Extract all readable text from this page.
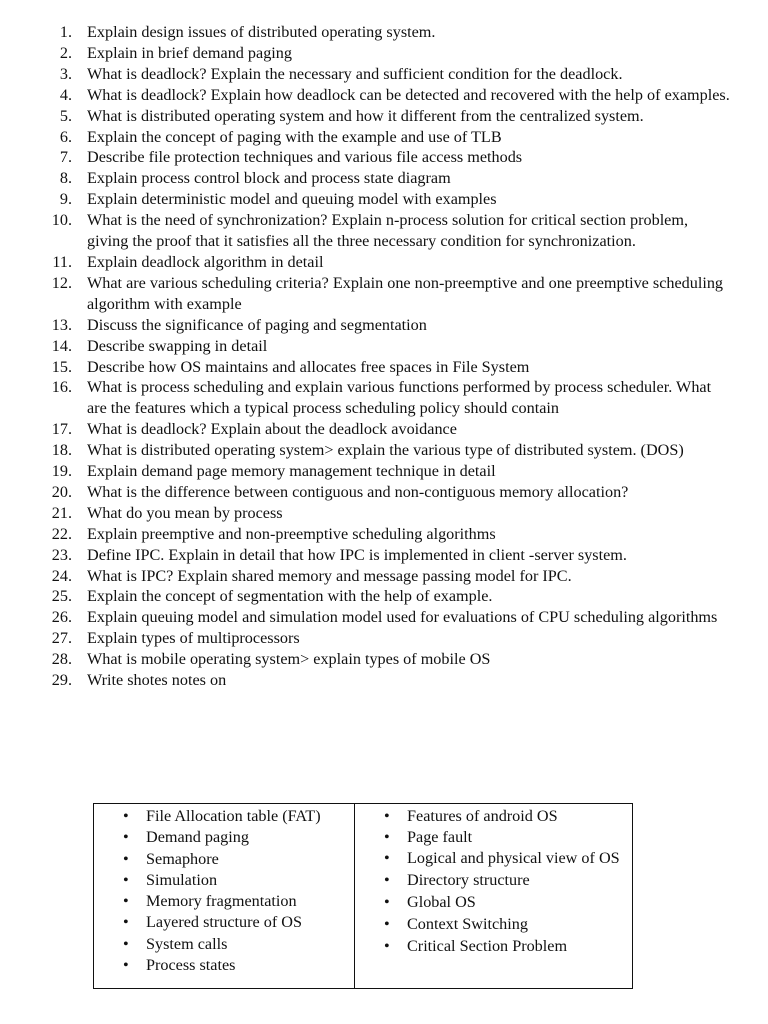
1. Explain design issues of distributed operating system.
2. Explain in brief demand paging
3. What is deadlock? Explain the necessary and sufficient condition for the deadlock.
4. What is deadlock? Explain how deadlock can be detected and recovered with the help of examples.
5. What is distributed operating system and how it different from the centralized system.
6. Explain the concept of paging with the example and use of TLB
7. Describe file protection techniques and various file access methods
8. Explain process control block and process state diagram
9. Explain deterministic model and queuing model with examples
10. What is the need of synchronization? Explain n-process solution for critical section problem, giving the proof that it satisfies all the three necessary condition for synchronization.
11. Explain deadlock algorithm in detail
12. What are various scheduling criteria? Explain one non-preemptive and one preemptive scheduling algorithm with example
13. Discuss the significance of paging and segmentation
14. Describe swapping in detail
15. Describe how OS maintains and allocates free spaces in File System
16. What is process scheduling and explain various functions performed by process scheduler. What are the features which a typical process scheduling policy should contain
17. What is deadlock? Explain about the deadlock avoidance
18. What is distributed operating system> explain the various type of distributed system. (DOS)
19. Explain demand page memory management technique in detail
20. What is the difference between contiguous and non-contiguous memory allocation?
21. What do you mean by process
22. Explain preemptive and non-preemptive scheduling algorithms
23. Define IPC. Explain in detail that how IPC is implemented in client -server system.
24. What is IPC? Explain shared memory and message passing model for IPC.
25. Explain the concept of segmentation with the help of example.
26. Explain queuing model and simulation model used for evaluations of CPU scheduling algorithms
27. Explain types of multiprocessors
28. What is mobile operating system> explain types of mobile OS
29. Write shotes notes on
• File Allocation table (FAT)
• Demand paging
• Semaphore
• Simulation
• Memory fragmentation
• Layered structure of OS
• System calls
• Process states
• Features of android OS
• Page fault
• Logical and physical view of OS
• Directory structure
• Global OS
• Context Switching
• Critical Section Problem
